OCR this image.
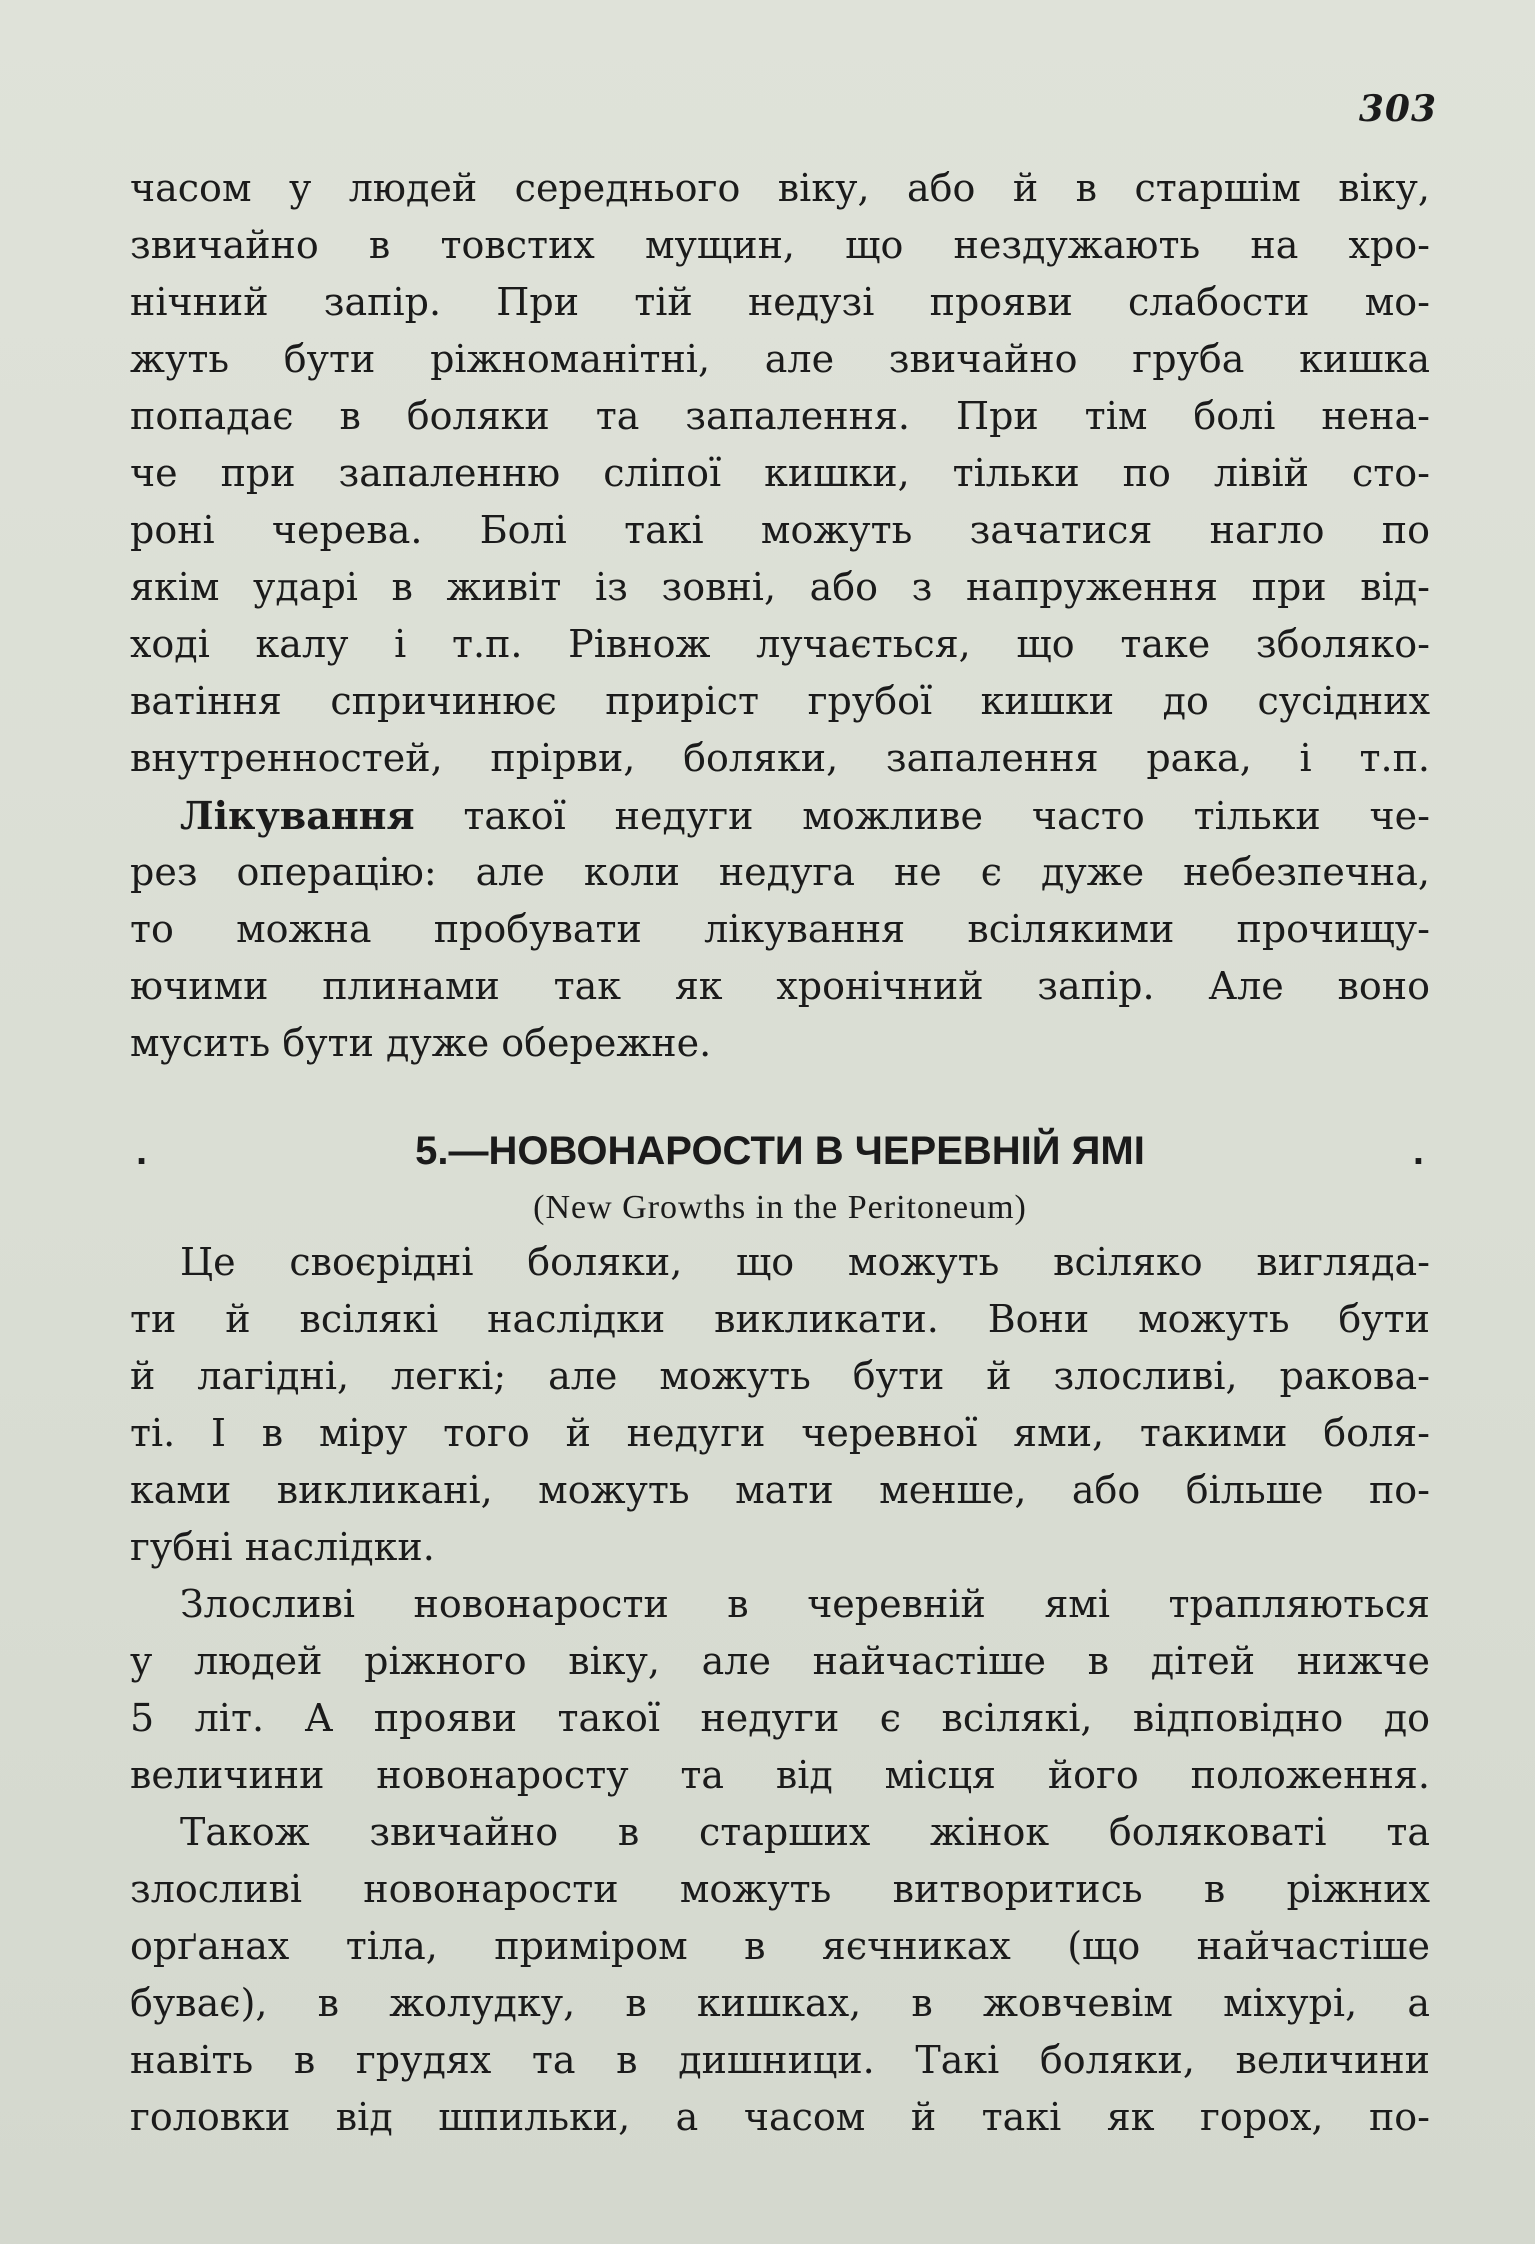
303
часом у людей середнього віку, або й в старшім віку,
звичайно в товстих мущин, що нездужають на хро-
нічний запір. При тій недузі прояви слабости мо-
жуть бути ріжноманітні, але звичайно груба кишка
попадає в боляки та запалення. При тім болі нена-
че при запаленню сліпої кишки, тільки по лівій сто-
роні черева. Болі такі можуть зачатися нагло по
якім ударі в живіт із зовні, або з напруження при від-
ході калу і т.п. Рівнож лучається, що таке зболяко-
ватіння спричинює приріст грубої кишки до сусідних
внутренностей, прірви, боляки, запалення рака, і т.п.
Лікування такої недуги можливе часто тільки че-
рез операцію: але коли недуга не є дуже небезпечна,
то можна пробувати лікування всілякими прочищу-
ючими плинами так як хронічний запір. Але воно
мусить бути дуже обережне.
.	5.—НОВОНАРОСТИ В ЧЕРЕВНІЙ ЯМІ	.
(New Growths in the Peritoneum)
Це своєрідні боляки, що можуть всіляко вигляда-
ти й всілякі наслідки викликати. Вони можуть бути
й лагідні, легкі; але можуть бути й злосливі, ракова-
ті. І в міру того й недуги черевної ями, такими боля-
ками викликані, можуть мати менше, або більше по-
губні наслідки.
Злосливі новонарости в черевній ямі трапляються
у людей ріжного віку, але найчастіше в дітей нижче
5 літ. А прояви такої недуги є всілякі, відповідно до
величини новонаросту та від місця його положення.
Також звичайно в старших жінок боляковаті та
злосливі новонарости можуть витворитись в ріжних
орґанах тіла, приміром в яєчниках (що найчастіше
буває), в жолудку, в кишках, в жовчевім міхурі, а
навіть в грудях та в дишници. Такі боляки, величини
головки від шпильки, а часом й такі як горох, по-
